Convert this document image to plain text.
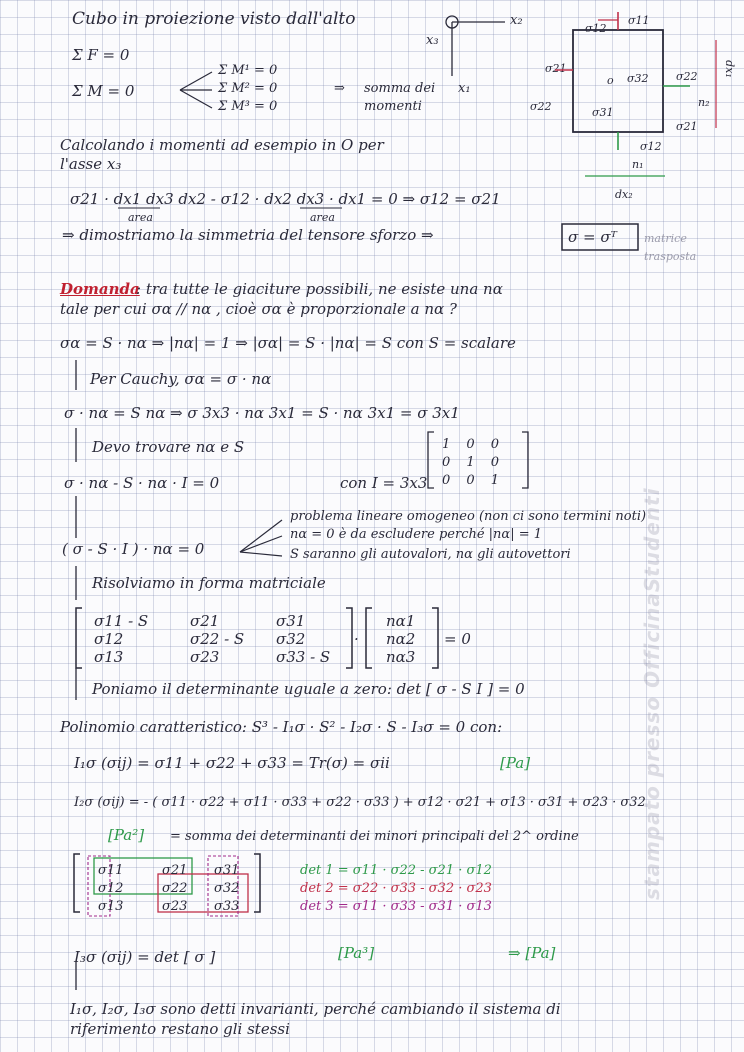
Cubo in proiezione visto dall'alto
Σ F = 0
Σ M = 0
Σ M¹ = 0
Σ M² = 0
Σ M³ = 0
⇒ somma dei momenti
x₂
x₃
x₁
σ12
σ11
σ21
o σ32 σ22
σ22	σ31
n₂
σ21
σ12
n₁
dx₂
dx₁
Calcolando i momenti ad esempio in O per
l'asse x₃
σ21 · dx1 dx3 dx2 - σ12 · dx2 dx3 · dx1 = 0 ⇒ σ12 = σ21
area	area
⇒ dimostriamo la simmetria del tensore sforzo ⇒	σ = σᵀ matrice trasposta
Domanda
: tra tutte le giaciture possibili, ne esiste una nα
tale per cui σα // nα , cioè σα è proporzionale a nα ?
σα = S · nα ⇒ |nα| = 1 ⇒ |σα| = S · |nα| = S con S = scalare
Per Cauchy, σα = σ · nα
σ · nα = S nα ⇒ σ 3x3 · nα 3x1 = S · nα 3x1 = σ 3x1
Devo trovare nα e S	1 0 0
0 1 0
0 0 1
σ · nα - S · nα · I = 0	con I = 3x3
problema lineare omogeneo (non ci sono termini noti)
nα = 0 è da escludere perché |nα| = 1
S saranno gli autovalori, nα gli autovettori
( σ - S · I ) · nα = 0
Risolviamo in forma matriciale
σ11 - S	σ21	σ31
σ12	σ22 - S σ32
σ13	σ23	σ33 - S
·
nα1
nα2
nα3
= 0
Poniamo il determinante uguale a zero: det [ σ - S I ] = 0
Polinomio caratteristico: S³ - I₁σ · S² - I₂σ · S - I₃σ = 0 con:
I₁σ (σij) = σ11 + σ22 + σ33 = Tr(σ) = σii	[Pa]
I₂σ (σij) = - ( σ11 · σ22 + σ11 · σ33 + σ22 · σ33 ) + σ12 · σ21 + σ13 · σ31 + σ23 · σ32
[Pa²] = somma dei determinanti dei minori principali del 2^ ordine
σ11	σ21 σ31
σ12	σ22 σ32
σ13	σ23 σ33
det 1 = σ11 · σ22 - σ21 · σ12
det 2 = σ22 · σ33 - σ32 · σ23
det 3 = σ11 · σ33 - σ31 · σ13
I₃σ (σij) = det [ σ ]	[Pa³]	⇒ [Pa]
I₁σ, I₂σ, I₃σ sono detti invarianti, perché cambiando il sistema di
riferimento restano gli stessi
stampato presso OfficinaStudenti
